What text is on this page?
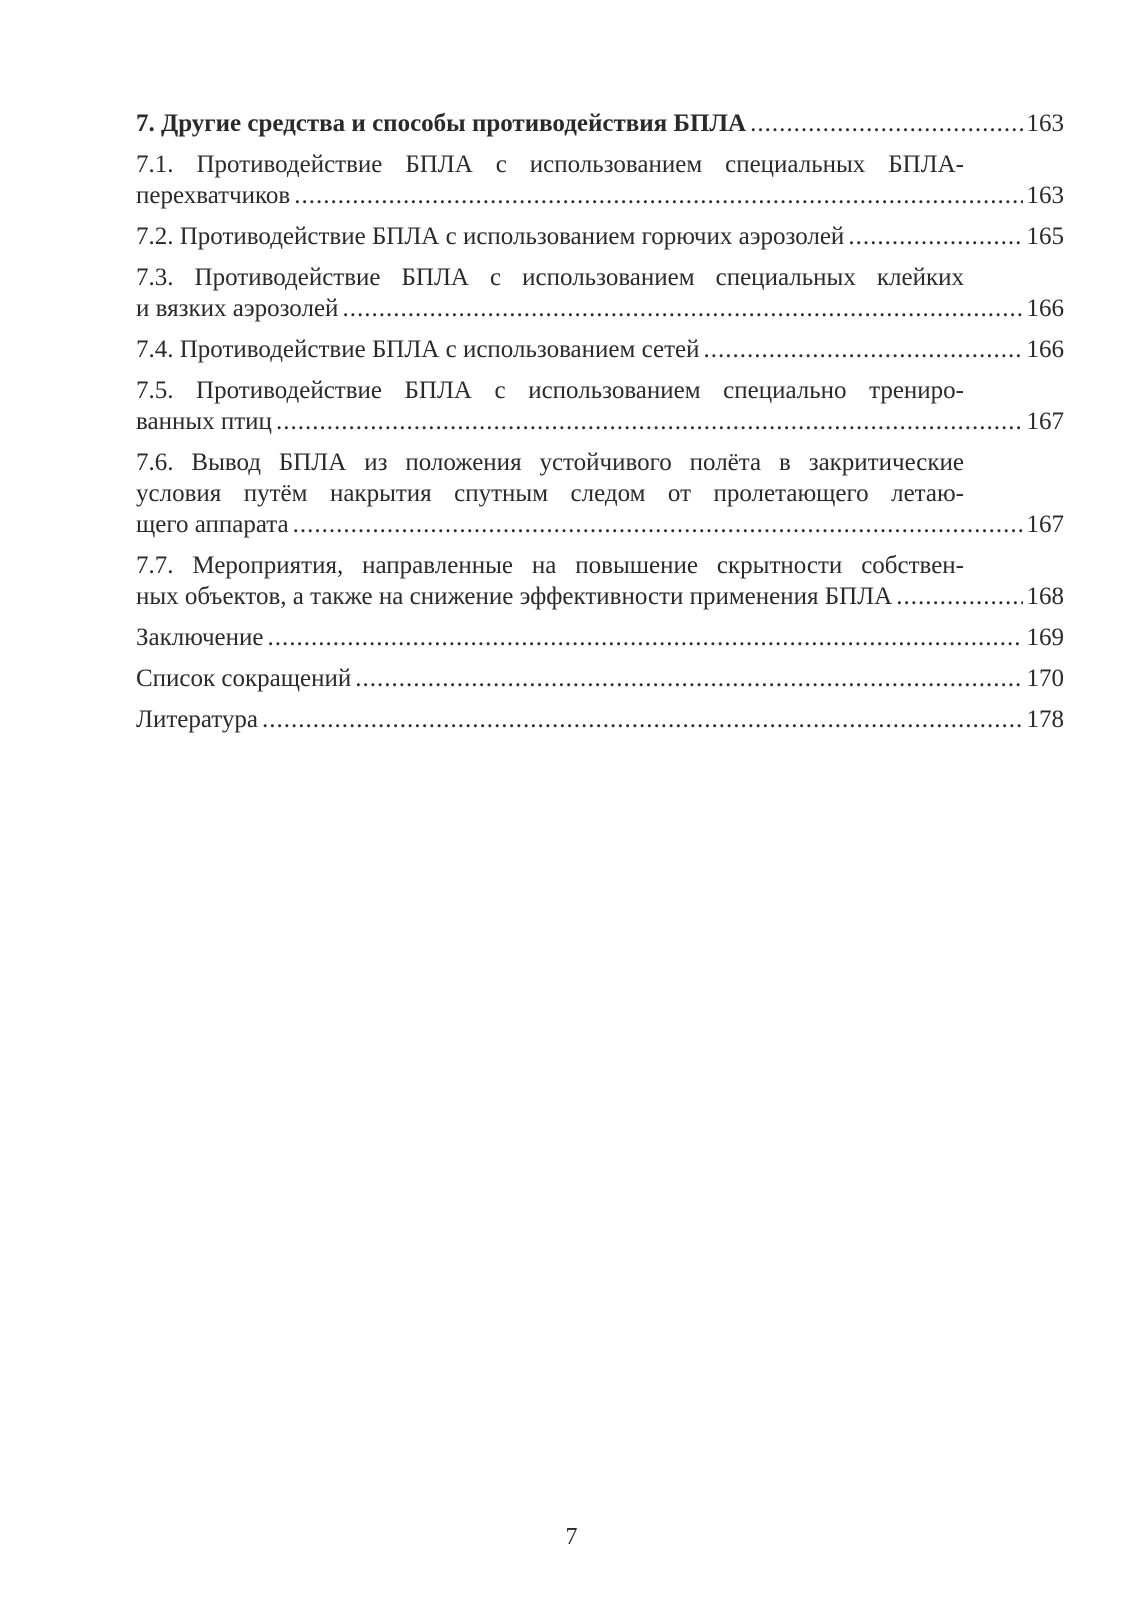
7. Другие средства и способы противодействия БПЛА .....	163
7.1. Противодействие БПЛА с использованием специальных БПЛА-
перехватчиков .....	163
7.2. Противодействие БПЛА с использованием горючих аэрозолей .....	165
7.3. Противодействие БПЛА с использованием специальных клейких
и вязких аэрозолей .....	166
7.4. Противодействие БПЛА с использованием сетей .....	166
7.5. Противодействие БПЛА с использованием специально трениро-
ванных птиц .....	167
7.6. Вывод БПЛА из положения устойчивого полёта в закритические
условия путём накрытия спутным следом от пролетающего летаю-
щего аппарата .....	167
7.7. Мероприятия, направленные на повышение скрытности собствен-
ных объектов, а также на снижение эффективности применения БПЛА .....	168
Заключение .....	169
Список сокращений .....	170
Литература .....	178
7
